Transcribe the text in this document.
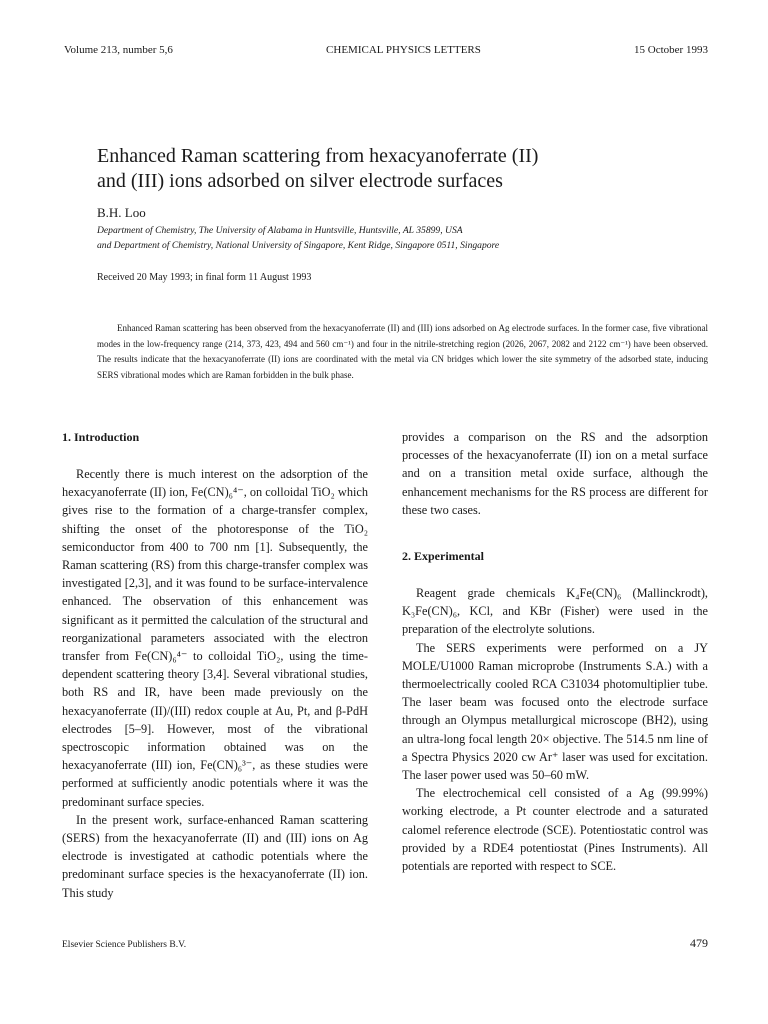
Volume 213, number 5,6	CHEMICAL PHYSICS LETTERS	15 October 1993
Enhanced Raman scattering from hexacyanoferrate (II)
and (III) ions adsorbed on silver electrode surfaces

B.H. Loo

Department of Chemistry, The University of Alabama in Huntsville, Huntsville, AL 35899, USA
and Department of Chemistry, National University of Singapore, Kent Ridge, Singapore 0511, Singapore

Received 20 May 1993; in final form 11 August 1993

Enhanced Raman scattering has been observed from the hexacyanoferrate (II) and (III) ions adsorbed on Ag electrode surfaces. In the former case, five vibrational modes in the low-frequency range (214, 373, 423, 494 and 560 cm⁻¹) and four in the nitrile-stretching region (2026, 2067, 2082 and 2122 cm⁻¹) have been observed. The results indicate that the hexacyanoferrate (II) ions are coordinated with the metal via CN bridges which lower the site symmetry of the adsorbed state, inducing SERS vibrational modes which are Raman forbidden in the bulk phase.

1. Introduction

Recently there is much interest on the adsorption of the hexacyanoferrate (II) ion, Fe(CN)₆⁴⁻, on colloidal TiO₂ which gives rise to the formation of a charge-transfer complex, shifting the onset of the photoresponse of the TiO₂ semiconductor from 400 to 700 nm [1]. Subsequently, the Raman scattering (RS) from this charge-transfer complex was investigated [2,3], and it was found to be surface-intervalence enhanced. The observation of this enhancement was significant as it permitted the calculation of the structural and reorganizational parameters associated with the electron transfer from Fe(CN)₆⁴⁻ to colloidal TiO₂, using the time-dependent scattering theory [3,4]. Several vibrational studies, both RS and IR, have been made previously on the hexacyanoferrate (II)/(III) redox couple at Au, Pt, and β-PdH electrodes [5–9]. However, most of the vibrational spectroscopic information obtained was on the hexacyanoferrate (III) ion, Fe(CN)₆³⁻, as these studies were performed at sufficiently anodic potentials where it was the predominant surface species.

In the present work, surface-enhanced Raman scattering (SERS) from the hexacyanoferrate (II) and (III) ions on Ag electrode is investigated at cathodic potentials where the predominant surface species is the hexacyanoferrate (II) ion. This study

provides a comparison on the RS and the adsorption processes of the hexacyanoferrate (II) ion on a metal surface and on a transition metal oxide surface, although the enhancement mechanisms for the RS process are different for these two cases.

2. Experimental

Reagent grade chemicals K₄Fe(CN)₆ (Mallinckrodt), K₃Fe(CN)₆, KCl, and KBr (Fisher) were used in the preparation of the electrolyte solutions.

The SERS experiments were performed on a JY MOLE/U1000 Raman microprobe (Instruments S.A.) with a thermoelectrically cooled RCA C31034 photomultiplier tube. The laser beam was focused onto the electrode surface through an Olympus metallurgical microscope (BH2), using an ultra-long focal length 20× objective. The 514.5 nm line of a Spectra Physics 2020 cw Ar⁺ laser was used for excitation. The laser power used was 50–60 mW.

The electrochemical cell consisted of a Ag (99.99%) working electrode, a Pt counter electrode and a saturated calomel reference electrode (SCE). Potentiostatic control was provided by a RDE4 potentiostat (Pines Instruments). All potentials are reported with respect to SCE.

Elsevier Science Publishers B.V.	479
